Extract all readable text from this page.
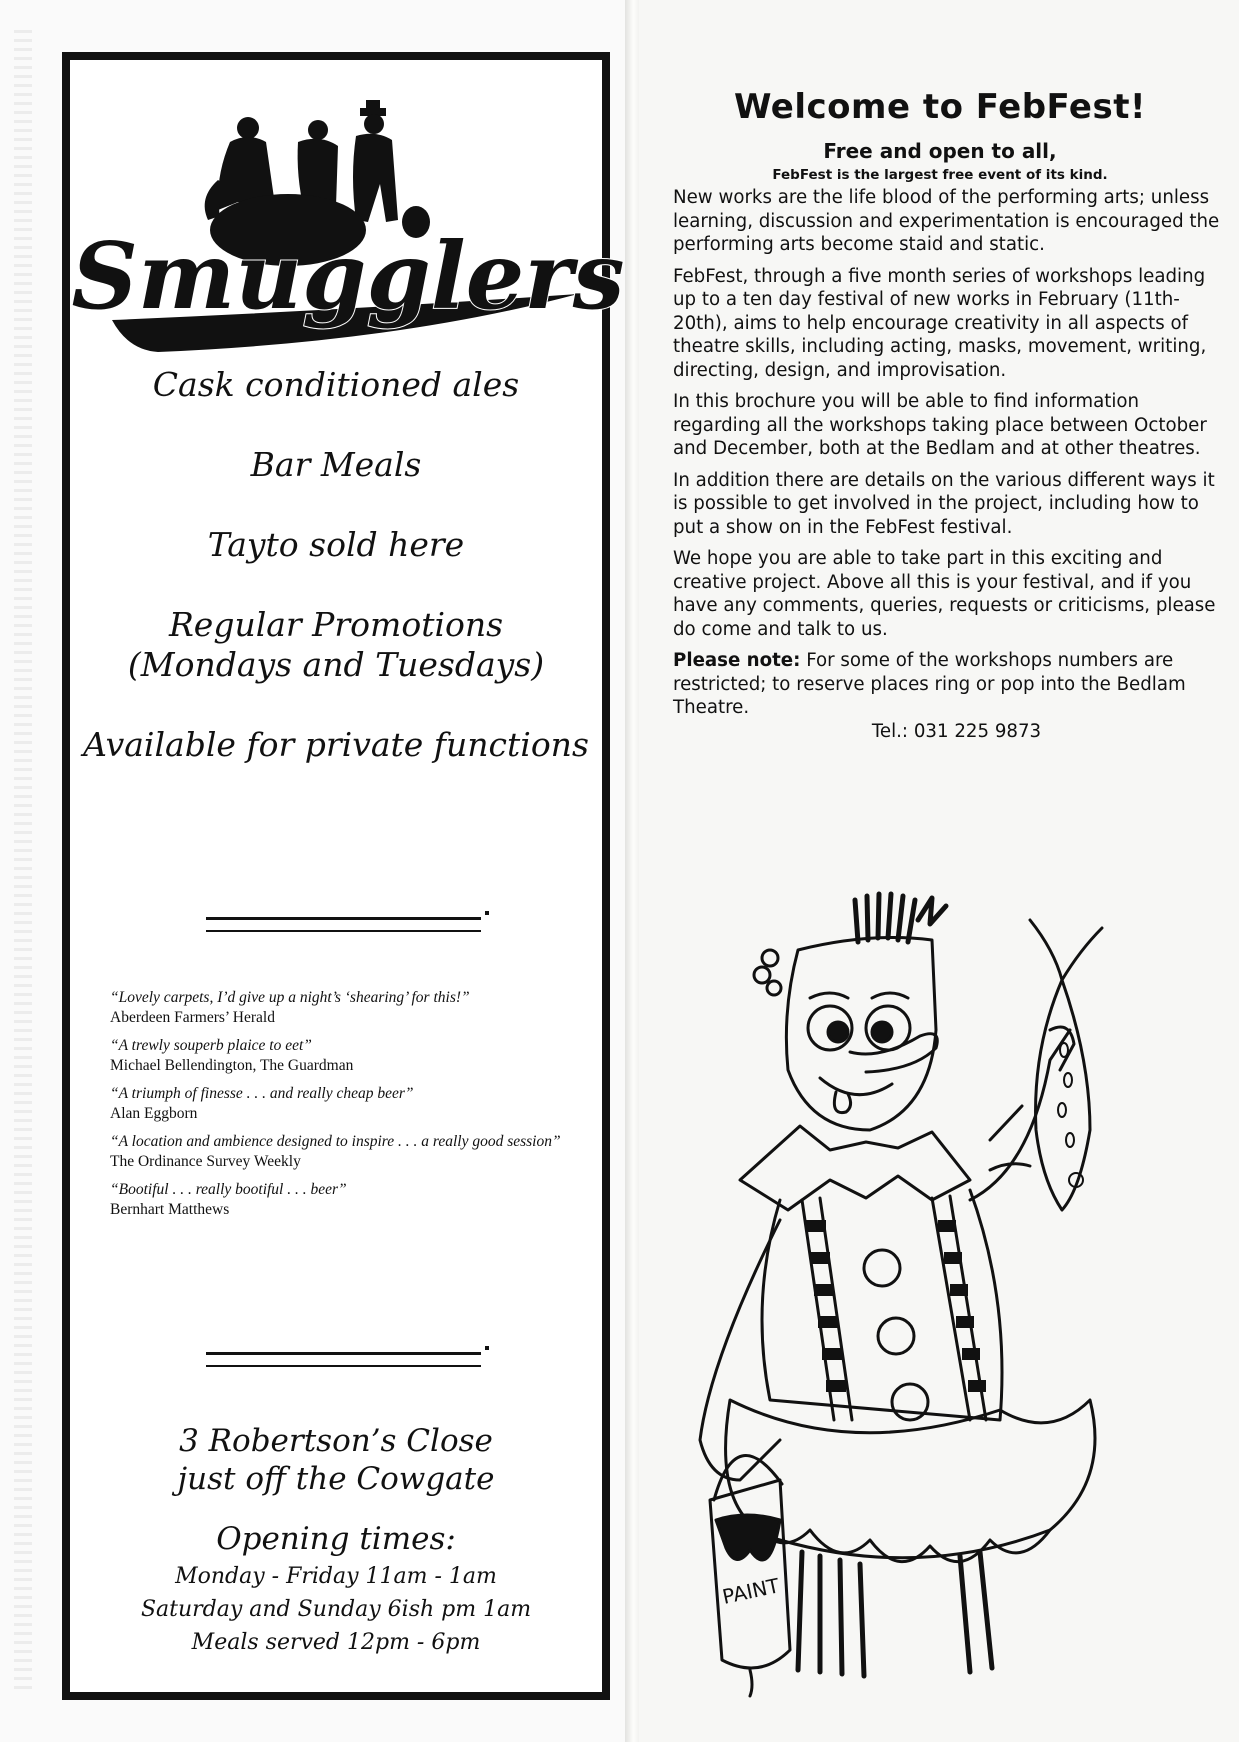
Smugglers
Cask conditioned ales
Bar Meals
Tayto sold here
Regular Promotions
(Mondays and Tuesdays)
Available for private functions
“Lovely carpets, I’d give up a night’s ‘shearing’ for this!”
Aberdeen Farmers’ Herald
“A trewly souperb plaice to eet”
Michael Bellendington, The Guardman
“A triumph of finesse . . . and really cheap beer”
Alan Eggborn
“A location and ambience designed to inspire . . . a really good session”
The Ordinance Survey Weekly
“Bootiful . . . really bootiful . . . beer”
Bernhart Matthews
3 Robertson’s Close
just off the Cowgate
Opening times:
Monday - Friday 11am - 1am
Saturday and Sunday 6ish pm 1am
Meals served 12pm - 6pm
Welcome to FebFest!
Free and open to all,
FebFest is the largest free event of its kind.

New works are the life blood of the performing arts; unless learning, discussion and experimentation is encouraged the performing arts become staid and static.

FebFest, through a five month series of workshops leading up to a ten day festival of new works in February (11th-20th), aims to help encourage creativity in all aspects of theatre skills, including acting, masks, movement, writing, directing, design, and improvisation.

In this brochure you will be able to find information regarding all the workshops taking place between October and December, both at the Bedlam and at other theatres.

In addition there are details on the various different ways it is possible to get involved in the project, including how to put a show on in the FebFest festival.

We hope you are able to take part in this exciting and creative project. Above all this is your festival, and if you have any comments, queries, requests or criticisms, please do come and talk to us.

Please note: For some of the workshops numbers are restricted; to reserve places ring or pop into the Bedlam Theatre.

Tel.: 031 225 9873
PAINT
